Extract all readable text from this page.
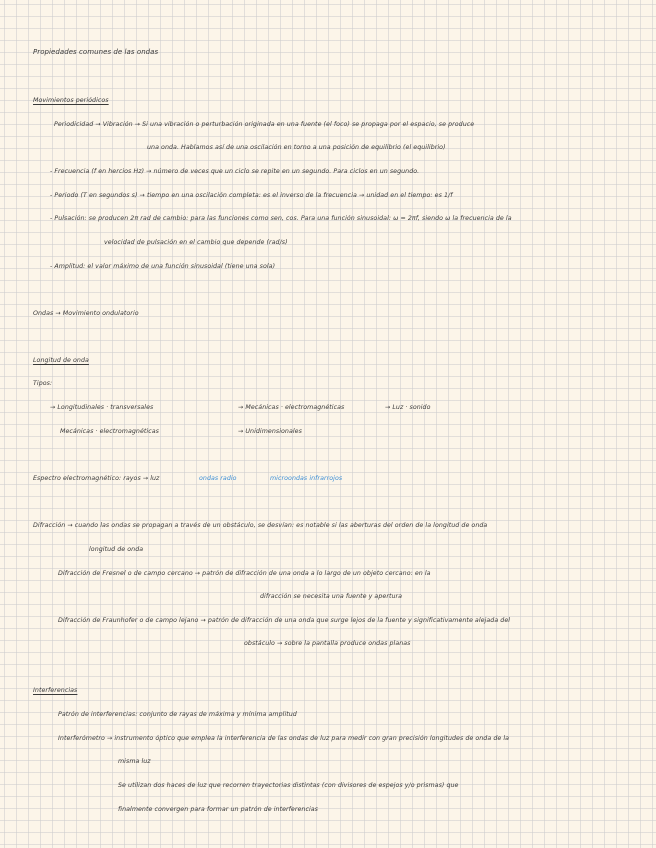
Propiedades comunes de las ondas
Movimientos periódicos
Periodicidad → Vibración → Si una vibración o perturbación originada en una fuente (el foco) se propaga por el espacio, se produce
una onda. Hablamos así de una oscilación en torno a una posición de equilibrio (el equilibrio)
- Frecuencia (f en hercios Hz) → número de veces que un ciclo se repite en un segundo. Para ciclos en un segundo.
- Periodo (T en segundos s) → tiempo en una oscilación completa: es el inverso de la frecuencia → unidad en el tiempo: es 1/f
- Pulsación: se producen 2π rad de cambio: para las funciones como sen, cos. Para una función sinusoidal: ω = 2πf, siendo ω la frecuencia de la
velocidad de pulsación en el cambio que depende (rad/s)
- Amplitud: el valor máximo de una función sinusoidal (tiene una sola)
Ondas → Movimiento ondulatorio
Longitud de onda
Tipos:
→ Longitudinales · transversales	→ Mecánicas · electromagnéticas	→ Luz · sonido
Mecánicas · electromagnéticas	→ Unidimensionales
Espectro electromagnético: rayos → luz	ondas radio	microondas infrarrojos
Difracción → cuando las ondas se propagan a través de un obstáculo, se desvían: es notable si las aberturas del orden de la longitud de onda
longitud de onda
Difracción de Fresnel o de campo cercano → patrón de difracción de una onda a lo largo de un objeto cercano: en la
difracción se necesita una fuente y apertura
Difracción de Fraunhofer o de campo lejano → patrón de difracción de una onda que surge lejos de la fuente y significativamente alejada del
obstáculo → sobre la pantalla produce ondas planas
Interferencias
Patrón de interferencias: conjunto de rayas de máxima y mínima amplitud
Interferómetro → instrumento óptico que emplea la interferencia de las ondas de luz para medir con gran precisión longitudes de onda de la
misma luz
Se utilizan dos haces de luz que recorren trayectorias distintas (con divisores de espejos y/o prismas) que
finalmente convergen para formar un patrón de interferencias
